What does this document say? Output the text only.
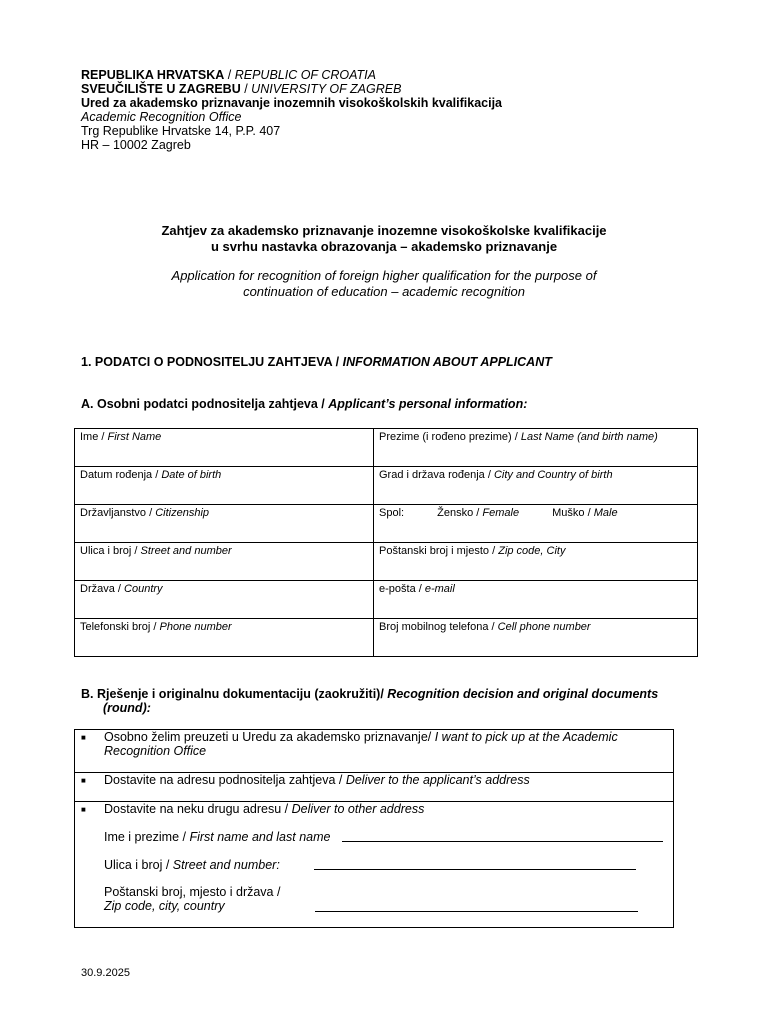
REPUBLIKA HRVATSKA / REPUBLIC OF CROATIA
SVEUČILIŠTE U ZAGREBU / UNIVERSITY OF ZAGREB
Ured za akademsko priznavanje inozemnih visokoškolskih kvalifikacija
Academic Recognition Office
Trg Republike Hrvatske 14, P.P. 407
HR – 10002 Zagreb
Zahtjev za akademsko priznavanje inozemne visokoškolske kvalifikacije
u svrhu nastavka obrazovanja – akademsko priznavanje
Application for recognition of foreign higher qualification for the purpose of
continuation of education – academic recognition
1. PODATCI O PODNOSITELJU ZAHTJEVA / INFORMATION ABOUT APPLICANT
A. Osobni podatci podnositelja zahtjeva / Applicant’s personal information:
Ime / First Name	Prezime (i rođeno prezime) / Last Name (and birth name)
Datum rođenja / Date of birth	Grad i država rođenja / City and Country of birth
Državljanstvo / Citizenship	Spol: Žensko / Female Muško / Male
Ulica i broj / Street and number	Poštanski broj i mjesto / Zip code, City
Država / Country	e-pošta / e-mail
Telefonski broj / Phone number	Broj mobilnog telefona / Cell phone number
B. Rješenje i originalnu dokumentaciju (zaokružiti)/ Recognition decision and original documents
(round):
■ Osobno želim preuzeti u Uredu za akademsko priznavanje/ I want to pick up at the Academic
Recognition Office
■ Dostavite na adresu podnositelja zahtjeva / Deliver to the applicant’s address
■ Dostavite na neku drugu adresu / Deliver to other address
Ime i prezime / First name and last name
Ulica i broj / Street and number:
Poštanski broj, mjesto i država /
Zip code, city, country
30.9.2025
